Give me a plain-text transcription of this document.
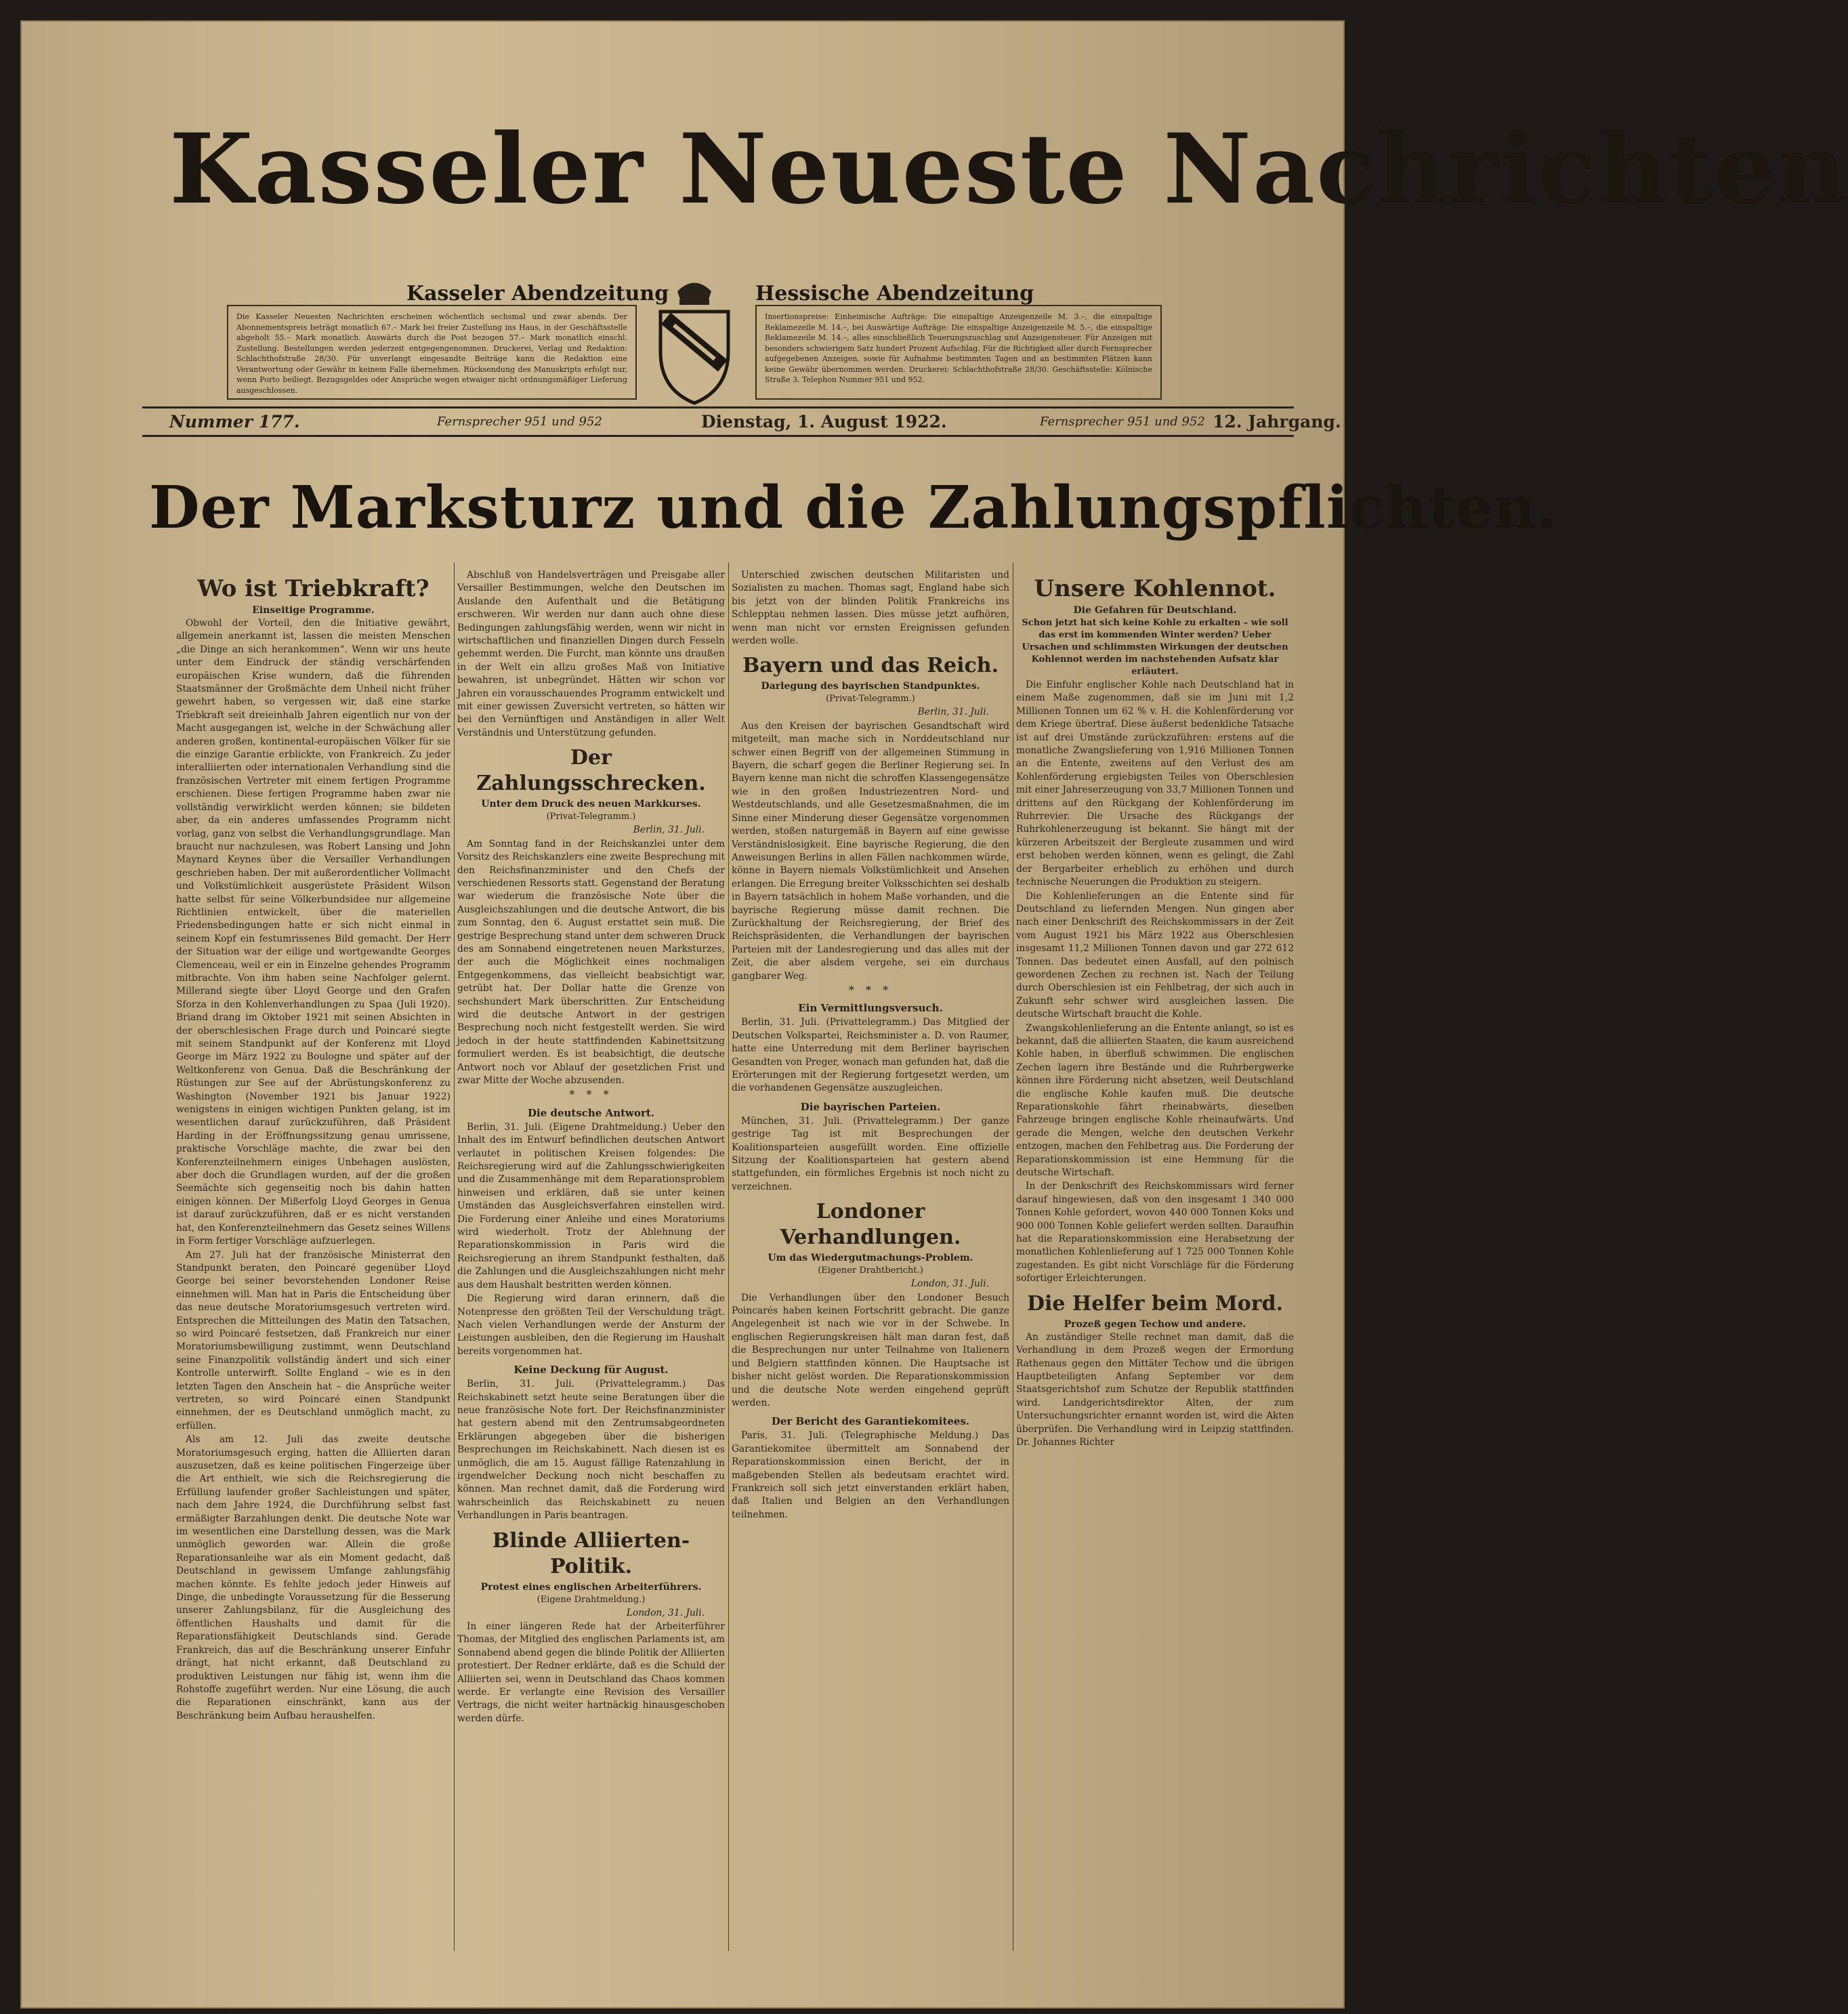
Kasseler Neueste Nachrichten
Kasseler Abendzeitung	Hessische Abendzeitung
Die Kasseler Neuesten Nachrichten erscheinen wöchentlich sechsmal und zwar abends. Der Abonnementspreis beträgt monatlich 67.– Mark bei freier Zustellung ins Haus, in der Geschäftsstelle abgeholt 55.– Mark monatlich. Auswärts durch die Post bezogen 57.– Mark monatlich einschl. Zustellung. Bestellungen werden jederzeit entgegengenommen. Druckerei, Verlag und Redaktion: Schlachthofstraße 28/30. Für unverlangt eingesandte Beiträge kann die Redaktion eine Verantwortung oder Gewähr in keinem Falle übernehmen. Rücksendung des Manuskripts erfolgt nur, wenn Porto beiliegt. Bezugsgeldes oder Ansprüche wegen etwaiger nicht ordnungsmäßiger Lieferung ausgeschlossen.
Insertionspreise: Einheimische Aufträge: Die einspaltige Anzeigenzeile M. 3.–, die einspaltige Reklamezeile M. 14.–, bei Auswärtige Aufträge: Die einspaltige Anzeigenzeile M. 5.–, die einspaltige Reklamezeile M. 14.–, alles einschließlich Teuerungszuschlag und Anzeigensteuer. Für Anzeigen mit besonders schwierigem Satz hundert Prozent Aufschlag. Für die Richtigkeit aller durch Fernsprecher aufgegebenen Anzeigen, sowie für Aufnahme bestimmten Tagen und an bestimmten Plätzen kann keine Gewähr übernommen werden. Druckerei: Schlachthofstraße 28/30. Geschäftsstelle: Kölnische Straße 3. Telephon Nummer 951 und 952.
Nummer 177.	Fernsprecher 951 und 952	Dienstag, 1. August 1922.	Fernsprecher 951 und 952 12. Jahrgang.
Der Marksturz und die Zahlungspflichten.

Wo ist Triebkraft?

Einseitige Programme.

Obwohl der Vorteil, den die Initiative gewährt, allgemein anerkannt ist, lassen die meisten Menschen „die Dinge an sich herankommen“. Wenn wir uns heute unter dem Eindruck der ständig verschärfenden europäischen Krise wundern, daß die führenden Staatsmänner der Großmächte dem Unheil nicht früher gewehrt haben, so vergessen wir, daß eine starke Triebkraft seit dreieinhalb Jahren eigentlich nur von der Macht ausgegangen ist, welche in der Schwächung aller anderen großen, kontinental-europäischen Völker für sie die einzige Garantie erblickte, von Frankreich. Zu jeder interalliierten oder internationalen Verhandlung sind die französischen Vertreter mit einem fertigen Programme erschienen. Diese fertigen Programme haben zwar nie vollständig verwirklicht werden können; sie bildeten aber, da ein anderes umfassendes Programm nicht vorlag, ganz von selbst die Verhandlungsgrundlage. Man braucht nur nachzulesen, was Robert Lansing und John Maynard Keynes über die Versailler Verhandlungen geschrieben haben. Der mit außerordentlicher Vollmacht und Volkstümlichkeit ausgerüstete Präsident Wilson hatte selbst für seine Völkerbundsidee nur allgemeine Richtlinien entwickelt, über die materiellen Friedensbedingungen hatte er sich nicht einmal in seinem Kopf ein festumrissenes Bild gemacht. Der Herr der Situation war der eilige und wortgewandte Georges Clemenceau, weil er ein in Einzelne gehendes Programm mitbrachte. Von ihm haben seine Nachfolger gelernt. Millerand siegte über Lloyd George und den Grafen Sforza in den Kohlenverhandlungen zu Spaa (Juli 1920). Briand drang im Oktober 1921 mit seinen Absichten in der oberschlesischen Frage durch und Poincaré siegte mit seinem Standpunkt auf der Konferenz mit Lloyd George im März 1922 zu Boulogne und später auf der Weltkonferenz von Genua. Daß die Beschränkung der Rüstungen zur See auf der Abrüstungskonferenz zu Washington (November 1921 bis Januar 1922) wenigstens in einigen wichtigen Punkten gelang, ist im wesentlichen darauf zurückzuführen, daß Präsident Harding in der Eröffnungssitzung genau umrissene, praktische Vorschläge machte, die zwar bei den Konferenzteilnehmern einiges Unbehagen auslösten, aber doch die Grundlagen wurden, auf der die großen Seemächte sich gegenseitig noch bis dahin hatten einigen können. Der Mißerfolg Lloyd Georges in Genua ist darauf zurückzuführen, daß er es nicht verstanden hat, den Konferenzteilnehmern das Gesetz seines Willens in Form fertiger Vorschläge aufzuerlegen.

Am 27. Juli hat der französische Ministerrat den Standpunkt beraten, den Poincaré gegenüber Lloyd George bei seiner bevorstehenden Londoner Reise einnehmen will. Man hat in Paris die Entscheidung über das neue deutsche Moratoriumsgesuch vertreten wird. Entsprechen die Mitteilungen des Matin den Tatsachen, so wird Poincaré festsetzen, daß Frankreich nur einer Moratoriumsbewilligung zustimmt, wenn Deutschland seine Finanzpolitik vollständig ändert und sich einer Kontrolle unterwirft. Sollte England – wie es in den letzten Tagen den Anschein hat – die Ansprüche weiter vertreten, so wird Poincaré einen Standpunkt einnehmen, der es Deutschland unmöglich macht, zu erfüllen.

Als am 12. Juli das zweite deutsche Moratoriumsgesuch erging, hatten die Alliierten daran auszusetzen, daß es keine politischen Fingerzeige über die Art enthielt, wie sich die Reichsregierung die Erfüllung laufender großer Sachleistungen und später, nach dem Jahre 1924, die Durchführung selbst fast ermäßigter Barzahlungen denkt. Die deutsche Note war im wesentlichen eine Darstellung dessen, was die Mark unmöglich geworden war. Allein die große Reparationsanleihe war als ein Moment gedacht, daß Deutschland in gewissem Umfange zahlungsfähig machen könnte. Es fehlte jedoch jeder Hinweis auf Dinge, die unbedingte Voraussetzung für die Besserung unserer Zahlungsbilanz, für die Ausgleichung des öffentlichen Haushalts und damit für die Reparationsfähigkeit Deutschlands sind. Gerade Frankreich, das auf die Beschränkung unserer Einfuhr drängt, hat nicht erkannt, daß Deutschland zu produktiven Leistungen nur fähig ist, wenn ihm die Rohstoffe zugeführt werden. Nur eine Lösung, die auch die Reparationen einschränkt, kann aus der Beschränkung beim Aufbau heraushelfen.

Abschluß von Handelsverträgen und Preisgabe aller Versailler Bestimmungen, welche den Deutschen im Auslande den Aufenthalt und die Betätigung erschweren. Wir werden nur dann auch ohne diese Bedingungen zahlungsfähig werden, wenn wir nicht in wirtschaftlichen und finanziellen Dingen durch Fesseln gehemmt werden. Die Furcht, man könnte uns draußen in der Welt ein allzu großes Maß von Initiative bewahren, ist unbegründet. Hätten wir schon vor Jahren ein vorausschauendes Programm entwickelt und mit einer gewissen Zuversicht vertreten, so hätten wir bei den Vernünftigen und Anständigen in aller Welt Verständnis und Unterstützung gefunden.

Der Zahlungsschrecken.

Unter dem Druck des neuen Markkurses.

(Privat-Telegramm.)

Berlin, 31. Juli.

Am Sonntag fand in der Reichskanzlei unter dem Vorsitz des Reichskanzlers eine zweite Besprechung mit den Reichsfinanzminister und den Chefs der verschiedenen Ressorts statt. Gegenstand der Beratung war wiederum die französische Note über die Ausgleichszahlungen und die deutsche Antwort, die bis zum Sonntag, den 6. August erstattet sein muß. Die gestrige Besprechung stand unter dem schweren Druck des am Sonnabend eingetretenen neuen Marksturzes, der auch die Möglichkeit eines nochmaligen Entgegenkommens, das vielleicht beabsichtigt war, getrübt hat. Der Dollar hatte die Grenze von sechshundert Mark überschritten. Zur Entscheidung wird die deutsche Antwort in der gestrigen Besprechung noch nicht festgestellt werden. Sie wird jedoch in der heute stattfindenden Kabinettsitzung formuliert werden. Es ist beabsichtigt, die deutsche Antwort noch vor Ablauf der gesetzlichen Frist und zwar Mitte der Woche abzusenden.

* * *

Die deutsche Antwort.

Berlin, 31. Juli. (Eigene Drahtmeldung.) Ueber den Inhalt des im Entwurf befindlichen deutschen Antwort verlautet in politischen Kreisen folgendes: Die Reichsregierung wird auf die Zahlungsschwierigkeiten und die Zusammenhänge mit dem Reparationsproblem hinweisen und erklären, daß sie unter keinen Umständen das Ausgleichsverfahren einstellen wird. Die Forderung einer Anleihe und eines Moratoriums wird wiederholt. Trotz der Ablehnung der Reparationskommission in Paris wird die Reichsregierung an ihrem Standpunkt festhalten, daß die Zahlungen und die Ausgleichszahlungen nicht mehr aus dem Haushalt bestritten werden können.

Die Regierung wird daran erinnern, daß die Notenpresse den größten Teil der Verschuldung trägt. Nach vielen Verhandlungen werde der Ansturm der Leistungen ausbleiben, den die Regierung im Haushalt bereits vorgenommen hat.

Keine Deckung für August.

Berlin, 31. Juli. (Privattelegramm.) Das Reichskabinett setzt heute seine Beratungen über die neue französische Note fort. Der Reichsfinanzminister hat gestern abend mit den Zentrumsabgeordneten Erklärungen abgegeben über die bisherigen Besprechungen im Reichskabinett. Nach diesen ist es unmöglich, die am 15. August fällige Ratenzahlung in irgendwelcher Deckung noch nicht beschaffen zu können. Man rechnet damit, daß die Forderung wird wahrscheinlich das Reichskabinett zu neuen Verhandlungen in Paris beantragen.

Blinde Alliierten-Politik.

Protest eines englischen Arbeiterführers.

(Eigene Drahtmeldung.)

London, 31. Juli.

In einer längeren Rede hat der Arbeiterführer Thomas, der Mitglied des englischen Parlaments ist, am Sonnabend abend gegen die blinde Politik der Alliierten protestiert. Der Redner erklärte, daß es die Schuld der Alliierten sei, wenn in Deutschland das Chaos kommen werde. Er verlangte eine Revision des Versailler Vertrags, die nicht weiter hartnäckig hinausgeschoben werden dürfe.

Unterschied zwischen deutschen Militaristen und Sozialisten zu machen. Thomas sagt, England habe sich bis jetzt von der blinden Politik Frankreichs ins Schlepptau nehmen lassen. Dies müsse jetzt aufhören, wenn man nicht vor ernsten Ereignissen gefunden werden wolle.

Bayern und das Reich.

Darlegung des bayrischen Standpunktes.

(Privat-Telegramm.)

Berlin, 31. Juli.

Aus den Kreisen der bayrischen Gesandtschaft wird mitgeteilt, man mache sich in Norddeutschland nur schwer einen Begriff von der allgemeinen Stimmung in Bayern, die scharf gegen die Berliner Regierung sei. In Bayern kenne man nicht die schroffen Klassengegensätze wie in den großen Industriezentren Nord- und Westdeutschlands, und alle Gesetzesmaßnahmen, die im Sinne einer Minderung dieser Gegensätze vorgenommen werden, stoßen naturgemäß in Bayern auf eine gewisse Verständnislosigkeit. Eine bayrische Regierung, die den Anweisungen Berlins in allen Fällen nachkommen würde, könne in Bayern niemals Volkstümlichkeit und Ansehen erlangen. Die Erregung breiter Volksschichten sei deshalb in Bayern tatsächlich in hohem Maße vorhanden, und die bayrische Regierung müsse damit rechnen. Die Zurückhaltung der Reichsregierung, der Brief des Reichspräsidenten, die Verhandlungen der bayrischen Parteien mit der Landesregierung und das alles mit der Zeit, die aber alsdem vergehe, sei ein durchaus gangbarer Weg.

* * *

Ein Vermittlungsversuch.

Berlin, 31. Juli. (Privattelegramm.) Das Mitglied der Deutschen Volkspartei, Reichsminister a. D. von Raumer, hatte eine Unterredung mit dem Berliner bayrischen Gesandten von Preger, wonach man gefunden hat, daß die Erörterungen mit der Regierung fortgesetzt werden, um die vorhandenen Gegensätze auszugleichen.

Die bayrischen Parteien.

München, 31. Juli. (Privattelegramm.) Der ganze gestrige Tag ist mit Besprechungen der Koalitionsparteien ausgefüllt worden. Eine offizielle Sitzung der Koalitionsparteien hat gestern abend stattgefunden, ein förmliches Ergebnis ist noch nicht zu verzeichnen.

Londoner Verhandlungen.

Um das Wiedergutmachungs-Problem.

(Eigener Drahtbericht.)

London, 31. Juli.

Die Verhandlungen über den Londoner Besuch Poincarés haben keinen Fortschritt gebracht. Die ganze Angelegenheit ist nach wie vor in der Schwebe. In englischen Regierungskreisen hält man daran fest, daß die Besprechungen nur unter Teilnahme von Italienern und Belgiern stattfinden können. Die Hauptsache ist bisher nicht gelöst worden. Die Reparationskommission und die deutsche Note werden eingehend geprüft werden.

Der Bericht des Garantiekomitees.

Paris, 31. Juli. (Telegraphische Meldung.) Das Garantiekomitee übermittelt am Sonnabend der Reparationskommission einen Bericht, der in maßgebenden Stellen als bedeutsam erachtet wird. Frankreich soll sich jetzt einverstanden erklärt haben, daß Italien und Belgien an den Verhandlungen teilnehmen.

Unsere Kohlennot.

Die Gefahren für Deutschland.

Schon jetzt hat sich keine Kohle zu erkalten – wie soll das erst im kommenden Winter werden? Ueber Ursachen und schlimmsten Wirkungen der deutschen Kohlennot werden im nachstehenden Aufsatz klar erläutert.

Die Einfuhr englischer Kohle nach Deutschland hat in einem Maße zugenommen, daß sie im Juni mit 1,2 Millionen Tonnen um 62 % v. H. die Kohlenförderung vor dem Kriege übertraf. Diese äußerst bedenkliche Tatsache ist auf drei Umstände zurückzuführen: erstens auf die monatliche Zwangslieferung von 1,916 Millionen Tonnen an die Entente, zweitens auf den Verlust des am Kohlenförderung ergiebigsten Teiles von Oberschlesien mit einer Jahreserzeugung von 33,7 Millionen Tonnen und drittens auf den Rückgang der Kohlenförderung im Ruhrrevier. Die Ursache des Rückgangs der Ruhrkohlenerzeugung ist bekannt. Sie hängt mit der kürzeren Arbeitszeit der Bergleute zusammen und wird erst behoben werden können, wenn es gelingt, die Zahl der Bergarbeiter erheblich zu erhöhen und durch technische Neuerungen die Produktion zu steigern.

Die Kohlenlieferungen an die Entente sind für Deutschland zu liefernden Mengen. Nun gingen aber nach einer Denkschrift des Reichskommissars in der Zeit vom August 1921 bis März 1922 aus Oberschlesien insgesamt 11,2 Millionen Tonnen davon und gar 272 612 Tonnen. Das bedeutet einen Ausfall, auf den polnisch gewordenen Zechen zu rechnen ist. Nach der Teilung durch Oberschlesien ist ein Fehlbetrag, der sich auch in Zukunft sehr schwer wird ausgleichen lassen. Die deutsche Wirtschaft braucht die Kohle.

Zwangskohlenlieferung an die Entente anlangt, so ist es bekannt, daß die alliierten Staaten, die kaum ausreichend Kohle haben, in überfluß schwimmen. Die englischen Zechen lagern ihre Bestände und die Ruhrbergwerke können ihre Förderung nicht absetzen, weil Deutschland die englische Kohle kaufen muß. Die deutsche Reparationskohle fährt rheinabwärts, dieselben Fahrzeuge bringen englische Kohle rheinaufwärts. Und gerade die Mengen, welche den deutschen Verkehr entzogen, machen den Fehlbetrag aus. Die Forderung der Reparationskommission ist eine Hemmung für die deutsche Wirtschaft.

In der Denkschrift des Reichskommissars wird ferner darauf hingewiesen, daß von den insgesamt 1 340 000 Tonnen Kohle gefordert, wovon 440 000 Tonnen Koks und 900 000 Tonnen Kohle geliefert werden sollten. Daraufhin hat die Reparationskommission eine Herabsetzung der monatlichen Kohlenlieferung auf 1 725 000 Tonnen Kohle zugestanden. Es gibt nicht Vorschläge für die Förderung sofortiger Erleichterungen.

Die Helfer beim Mord.

Prozeß gegen Techow und andere.

An zuständiger Stelle rechnet man damit, daß die Verhandlung in dem Prozeß wegen der Ermordung Rathenaus gegen den Mittäter Techow und die übrigen Hauptbeteiligten Anfang September vor dem Staatsgerichtshof zum Schutze der Republik stattfinden wird. Landgerichtsdirektor Alten, der zum Untersuchungsrichter ernannt worden ist, wird die Akten überprüfen. Die Verhandlung wird in Leipzig stattfinden. Dr. Johannes Richter
